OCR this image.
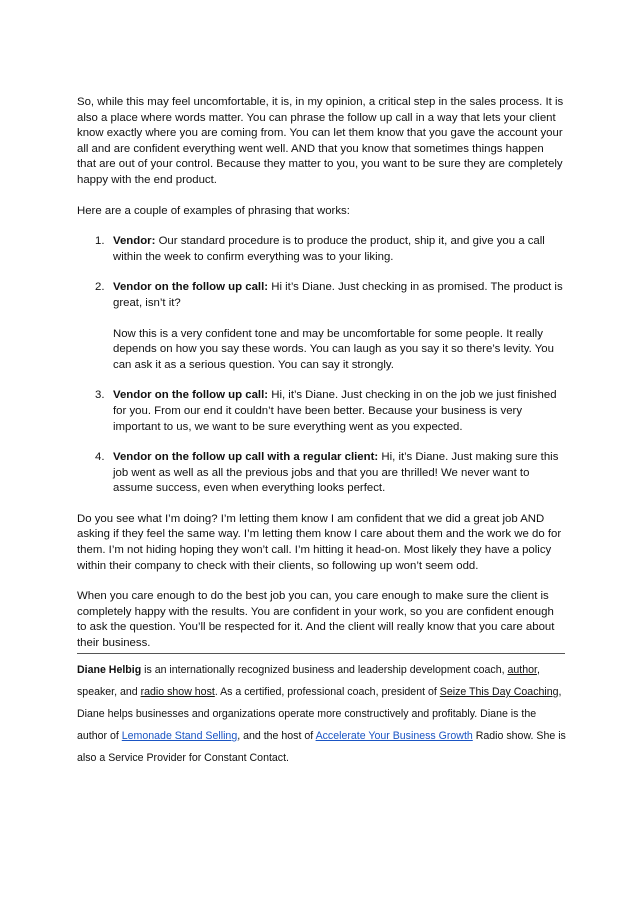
So, while this may feel uncomfortable, it is, in my opinion, a critical step in the sales process. It is also a place where words matter. You can phrase the follow up call in a way that lets your client know exactly where you are coming from. You can let them know that you gave the account your all and are confident everything went well. AND that you know that sometimes things happen that are out of your control. Because they matter to you, you want to be sure they are completely happy with the end product.

Here are a couple of examples of phrasing that works:

1. Vendor: Our standard procedure is to produce the product, ship it, and give you a call within the week to confirm everything was to your liking.

2. Vendor on the follow up call: Hi it’s Diane. Just checking in as promised. The product is great, isn’t it?

Now this is a very confident tone and may be uncomfortable for some people. It really depends on how you say these words. You can laugh as you say it so there’s levity. You can ask it as a serious question. You can say it strongly.

3. Vendor on the follow up call: Hi, it’s Diane. Just checking in on the job we just finished for you. From our end it couldn’t have been better. Because your business is very important to us, we want to be sure everything went as you expected.

4. Vendor on the follow up call with a regular client: Hi, it’s Diane. Just making sure this job went as well as all the previous jobs and that you are thrilled! We never want to assume success, even when everything looks perfect.

Do you see what I’m doing? I’m letting them know I am confident that we did a great job AND asking if they feel the same way. I’m letting them know I care about them and the work we do for them. I’m not hiding hoping they won’t call. I’m hitting it head-on. Most likely they have a policy within their company to check with their clients, so following up won’t seem odd.

When you care enough to do the best job you can, you care enough to make sure the client is completely happy with the results. You are confident in your work, so you are confident enough to ask the question. You’ll be respected for it. And the client will really know that you care about their business.

Diane Helbig is an internationally recognized business and leadership development coach, author, speaker, and radio show host. As a certified, professional coach, president of Seize This Day Coaching, Diane helps businesses and organizations operate more constructively and profitably. Diane is the author of Lemonade Stand Selling, and the host of Accelerate Your Business Growth Radio show. She is also a Service Provider for Constant Contact.
